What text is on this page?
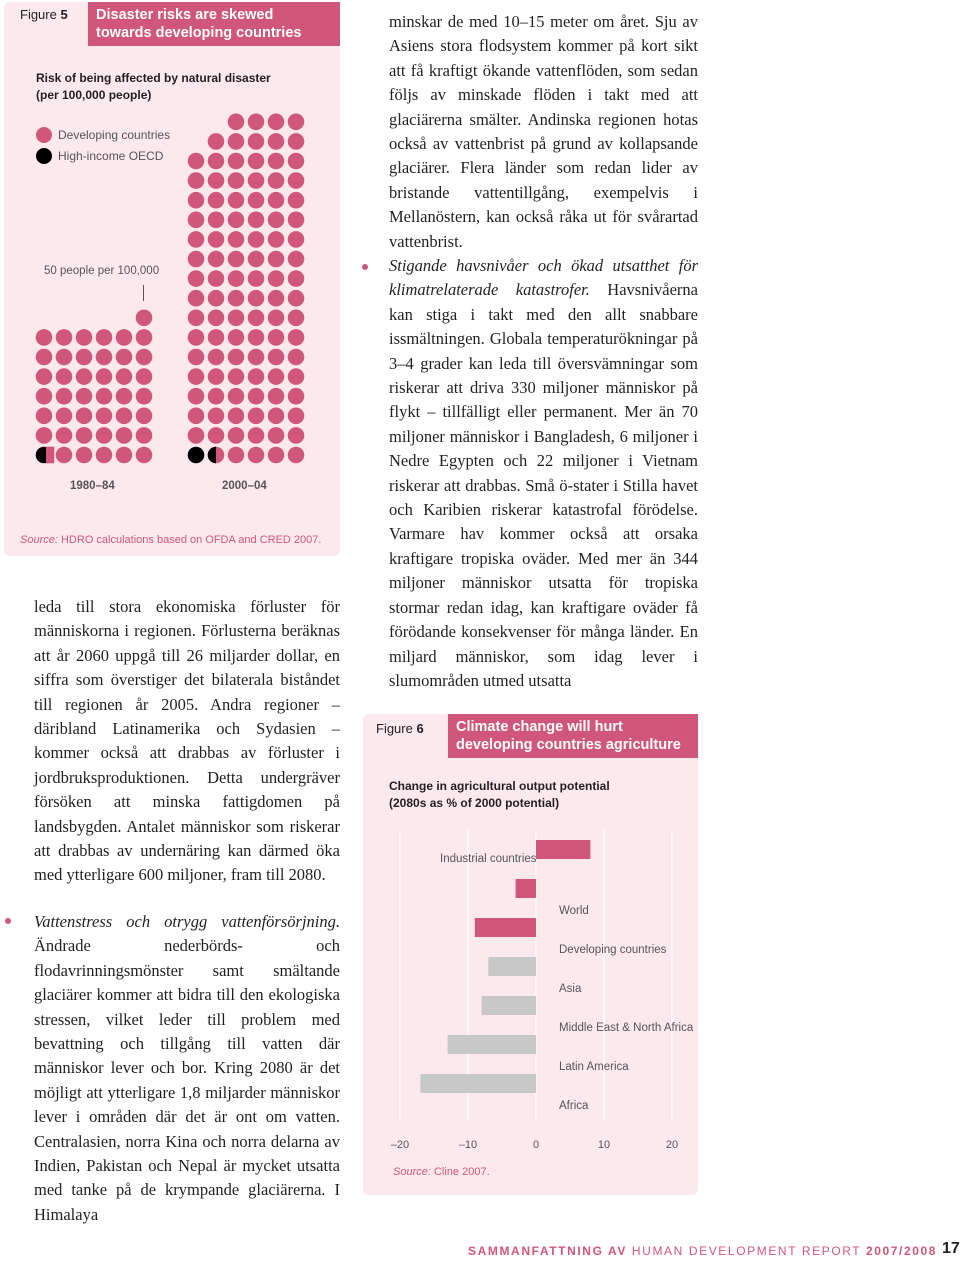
Figure 5	Disaster risks are skewed towards developing countries
Risk of being affected by natural disaster
(per 100,000 people)
Developing countries
High-income OECD
50 people per 100,000
1980–84	2000–04
Source: HDRO calculations based on OFDA and CRED 2007.

leda till stora ekonomiska förluster för människorna i regionen. Förlusterna beräknas att år 2060 uppgå till 26 miljarder dollar, en siffra som överstiger det bilaterala biståndet till regionen år 2005. Andra regioner – däribland Latinamerika och Sydasien – kommer också att drabbas av förluster i jordbruksproduktionen. Detta undergräver försöken att minska fattigdomen på landsbygden. Antalet människor som riskerar att drabbas av undernäring kan därmed öka med ytterligare 600 miljoner, fram till 2080.

Vattenstress och otrygg vattenförsörjning. Ändrade nederbörds- och flodavrinningsmönster samt smältande glaciärer kommer att bidra till den ekologiska stressen, vilket leder till problem med bevattning och tillgång till vatten där människor lever och bor. Kring 2080 är det möjligt att ytterligare 1,8 miljarder människor lever i områden där det är ont om vatten. Centralasien, norra Kina och norra delarna av Indien, Pakistan och Nepal är mycket utsatta med tanke på de krympande glaciärerna. I Himalaya

minskar de med 10–15 meter om året. Sju av Asiens stora flodsystem kommer på kort sikt att få kraftigt ökande vattenflöden, som sedan följs av minskade flöden i takt med att glaciärerna smälter. Andinska regionen hotas också av vattenbrist på grund av kollapsande glaciärer. Flera länder som redan lider av bristande vattentillgång, exempelvis i Mellanöstern, kan också råka ut för svårartad vattenbrist.

Stigande havsnivåer och ökad utsatthet för klimatrelaterade katastrofer. Havsnivåerna kan stiga i takt med den allt snabbare issmältningen. Globala temperaturökningar på 3–4 grader kan leda till översvämningar som riskerar att driva 330 miljoner människor på flykt – tillfälligt eller permanent. Mer än 70 miljoner människor i Bangladesh, 6 miljoner i Nedre Egypten och 22 miljoner i Vietnam riskerar att drabbas. Små ö-stater i Stilla havet och Karibien riskerar katastrofal förödelse. Varmare hav kommer också att orsaka kraftigare tropiska oväder. Med mer än 344 miljoner människor utsatta för tropiska stormar redan idag, kan kraftigare oväder få förödande konsekvenser för många länder. En miljard människor, som idag lever i slumområden utmed utsatta

Figure 6	Climate change will hurt developing countries agriculture
Change in agricultural output potential
(2080s as % of 2000 potential)
Industrial countries
World
Developing countries
Asia
Middle East & North Africa
Latin America
Africa
–20	–10	0	10	20
Source: Cline 2007.
SAMMANFATTNING AV HUMAN DEVELOPMENT REPORT 2007/2008 17
